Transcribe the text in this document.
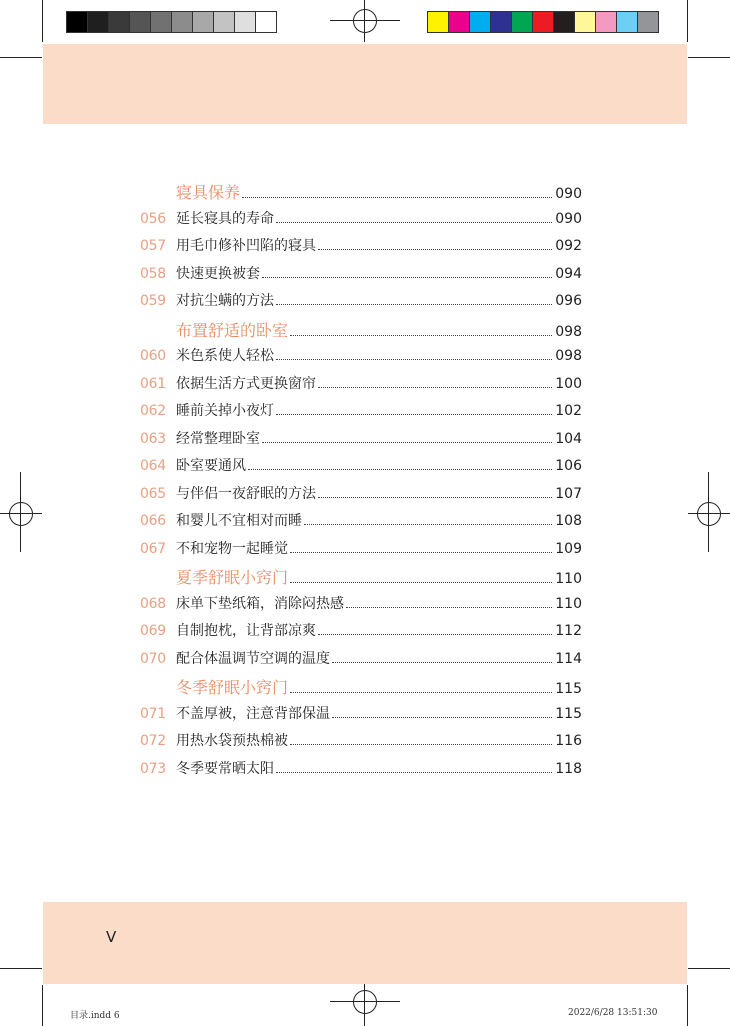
V
寝具保养	090
056 延长寝具的寿命	090
057 用毛巾修补凹陷的寝具	092
058 快速更换被套	094
059 对抗尘螨的方法	096
布置舒适的卧室	098
060 米色系使人轻松	098
061 依据生活方式更换窗帘	100
062 睡前关掉小夜灯	102
063 经常整理卧室	104
064 卧室要通风	106
065 与伴侣一夜舒眠的方法	107
066 和婴儿不宜相对而睡	108
067 不和宠物一起睡觉	109
夏季舒眠小窍门	110
068 床单下垫纸箱，消除闷热感	110
069 自制抱枕，让背部凉爽	112
070 配合体温调节空调的温度	114
冬季舒眠小窍门	115
071 不盖厚被，注意背部保温	115
072 用热水袋预热棉被	116
073 冬季要常晒太阳	118
目录.indd 6	2022/6/28 13:51:30
